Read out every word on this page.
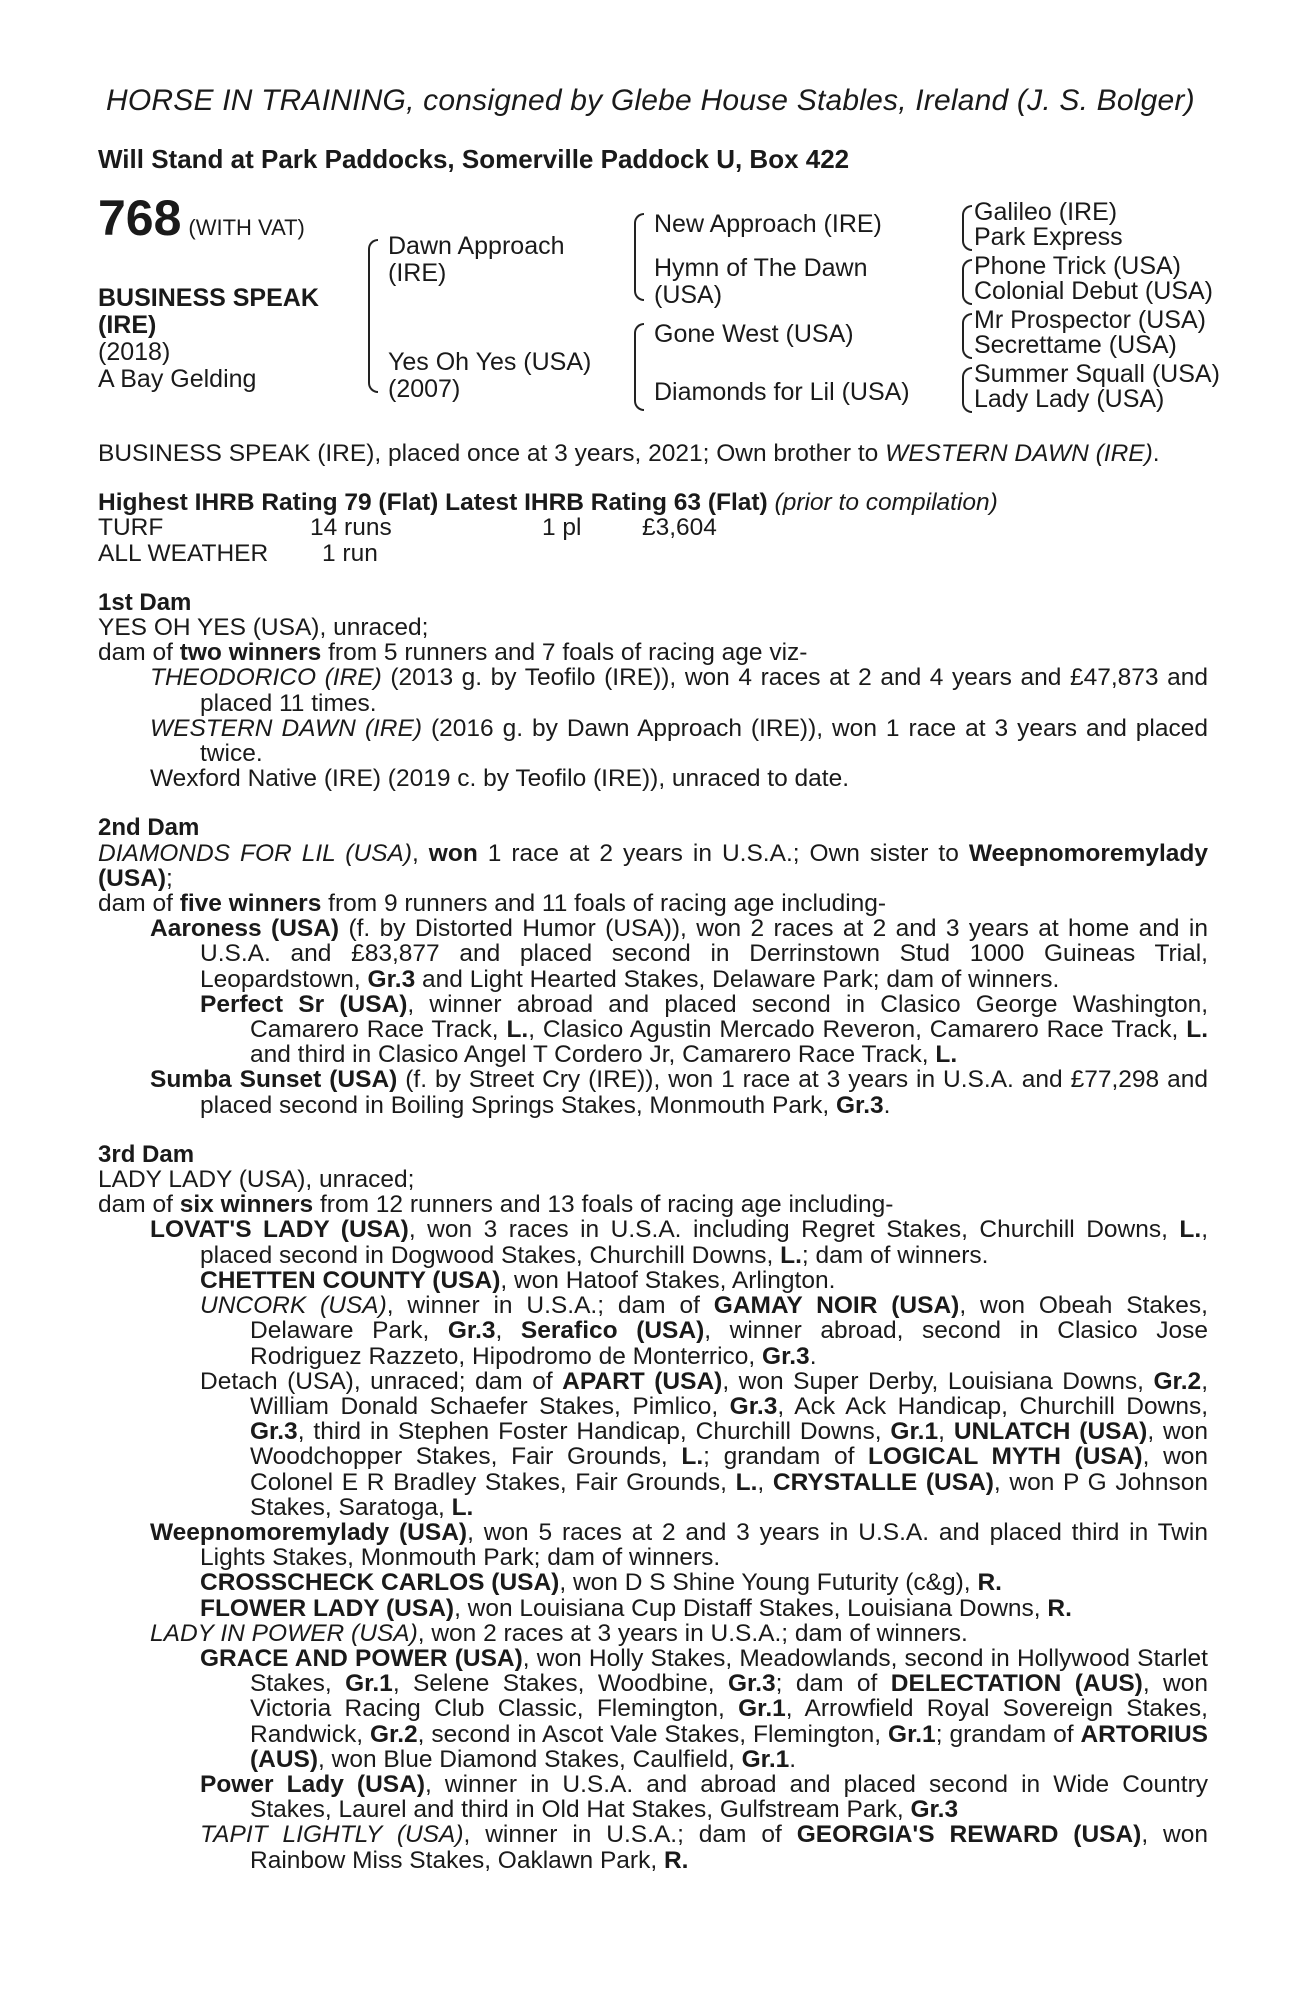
HORSE IN TRAINING, consigned by Glebe House Stables, Ireland (J. S. Bolger)
Will Stand at Park Paddocks, Somerville Paddock U, Box 422
768 (WITH VAT)
BUSINESS SPEAK
(IRE)
(2018)
A Bay Gelding
Dawn Approach
(IRE)
Yes Oh Yes (USA)
(2007)
New Approach (IRE)
Hymn of The Dawn
(USA)
Gone West (USA)
Diamonds for Lil (USA)
Galileo (IRE)
Park Express
Phone Trick (USA)
Colonial Debut (USA)
Mr Prospector (USA)
Secrettame (USA)
Summer Squall (USA)
Lady Lady (USA)

BUSINESS SPEAK (IRE), placed once at 3 years, 2021; Own brother to WESTERN DAWN (IRE).

Highest IHRB Rating 79 (Flat) Latest IHRB Rating 63 (Flat) (prior to compilation)

TURF	14 runs	1 pl	£3,604
ALL WEATHER	1 run		

1st Dam

YES OH YES (USA), unraced;

dam of two winners from 5 runners and 7 foals of racing age viz-

THEODORICO (IRE) (2013 g. by Teofilo (IRE)), won 4 races at 2 and 4 years and £47,873 and placed 11 times.

WESTERN DAWN (IRE) (2016 g. by Dawn Approach (IRE)), won 1 race at 3 years and placed twice.

Wexford Native (IRE) (2019 c. by Teofilo (IRE)), unraced to date.

2nd Dam

DIAMONDS FOR LIL (USA), won 1 race at 2 years in U.S.A.; Own sister to Weepnomoremylady (USA);

dam of five winners from 9 runners and 11 foals of racing age including-

Aaroness (USA) (f. by Distorted Humor (USA)), won 2 races at 2 and 3 years at home and in U.S.A. and £83,877 and placed second in Derrinstown Stud 1000 Guineas Trial, Leopardstown, Gr.3 and Light Hearted Stakes, Delaware Park; dam of winners.

Perfect Sr (USA), winner abroad and placed second in Clasico George Washington, Camarero Race Track, L., Clasico Agustin Mercado Reveron, Camarero Race Track, L. and third in Clasico Angel T Cordero Jr, Camarero Race Track, L.

Sumba Sunset (USA) (f. by Street Cry (IRE)), won 1 race at 3 years in U.S.A. and £77,298 and placed second in Boiling Springs Stakes, Monmouth Park, Gr.3.

3rd Dam

LADY LADY (USA), unraced;

dam of six winners from 12 runners and 13 foals of racing age including-

LOVAT'S LADY (USA), won 3 races in U.S.A. including Regret Stakes, Churchill Downs, L., placed second in Dogwood Stakes, Churchill Downs, L.; dam of winners.

CHETTEN COUNTY (USA), won Hatoof Stakes, Arlington.

UNCORK (USA), winner in U.S.A.; dam of GAMAY NOIR (USA), won Obeah Stakes, Delaware Park, Gr.3, Serafico (USA), winner abroad, second in Clasico Jose Rodriguez Razzeto, Hipodromo de Monterrico, Gr.3.

Detach (USA), unraced; dam of APART (USA), won Super Derby, Louisiana Downs, Gr.2, William Donald Schaefer Stakes, Pimlico, Gr.3, Ack Ack Handicap, Churchill Downs, Gr.3, third in Stephen Foster Handicap, Churchill Downs, Gr.1, UNLATCH (USA), won Woodchopper Stakes, Fair Grounds, L.; grandam of LOGICAL MYTH (USA), won Colonel E R Bradley Stakes, Fair Grounds, L., CRYSTALLE (USA), won P G Johnson Stakes, Saratoga, L.

Weepnomoremylady (USA), won 5 races at 2 and 3 years in U.S.A. and placed third in Twin Lights Stakes, Monmouth Park; dam of winners.

CROSSCHECK CARLOS (USA), won D S Shine Young Futurity (c&g), R.

FLOWER LADY (USA), won Louisiana Cup Distaff Stakes, Louisiana Downs, R.

LADY IN POWER (USA), won 2 races at 3 years in U.S.A.; dam of winners.

GRACE AND POWER (USA), won Holly Stakes, Meadowlands, second in Hollywood Starlet Stakes, Gr.1, Selene Stakes, Woodbine, Gr.3; dam of DELECTATION (AUS), won Victoria Racing Club Classic, Flemington, Gr.1, Arrowfield Royal Sovereign Stakes, Randwick, Gr.2, second in Ascot Vale Stakes, Flemington, Gr.1; grandam of ARTORIUS (AUS), won Blue Diamond Stakes, Caulfield, Gr.1.

Power Lady (USA), winner in U.S.A. and abroad and placed second in Wide Country Stakes, Laurel and third in Old Hat Stakes, Gulfstream Park, Gr.3

TAPIT LIGHTLY (USA), winner in U.S.A.; dam of GEORGIA'S REWARD (USA), won Rainbow Miss Stakes, Oaklawn Park, R.
